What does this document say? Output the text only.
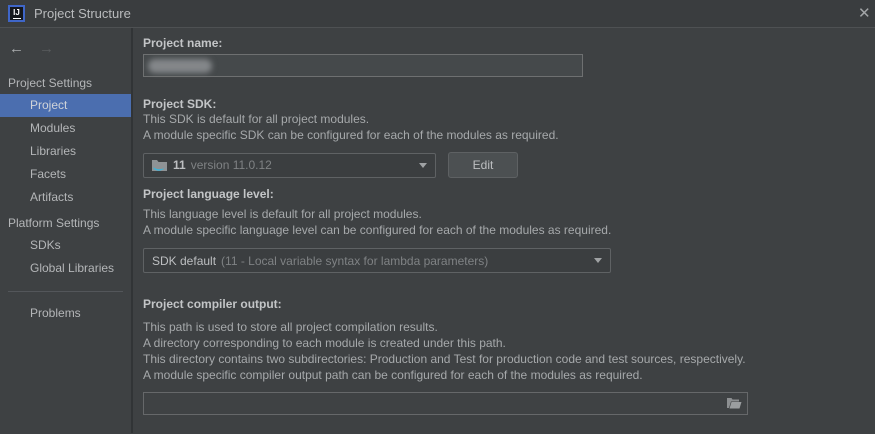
IJ Project Structure	✕
← →
Project Settings
Project
Modules
Libraries
Facets
Artifacts
Platform Settings
SDKs
Global Libraries
Problems
Project name:
Project SDK:
This SDK is default for all project modules.
A module specific SDK can be configured for each of the modules as required.
11 version 11.0.12	Edit
Project language level:
This language level is default for all project modules.
A module specific language level can be configured for each of the modules as required.
SDK default (11 - Local variable syntax for lambda parameters)
Project compiler output:
This path is used to store all project compilation results.
A directory corresponding to each module is created under this path.
This directory contains two subdirectories: Production and Test for production code and test sources, respectively.
A module specific compiler output path can be configured for each of the modules as required.
